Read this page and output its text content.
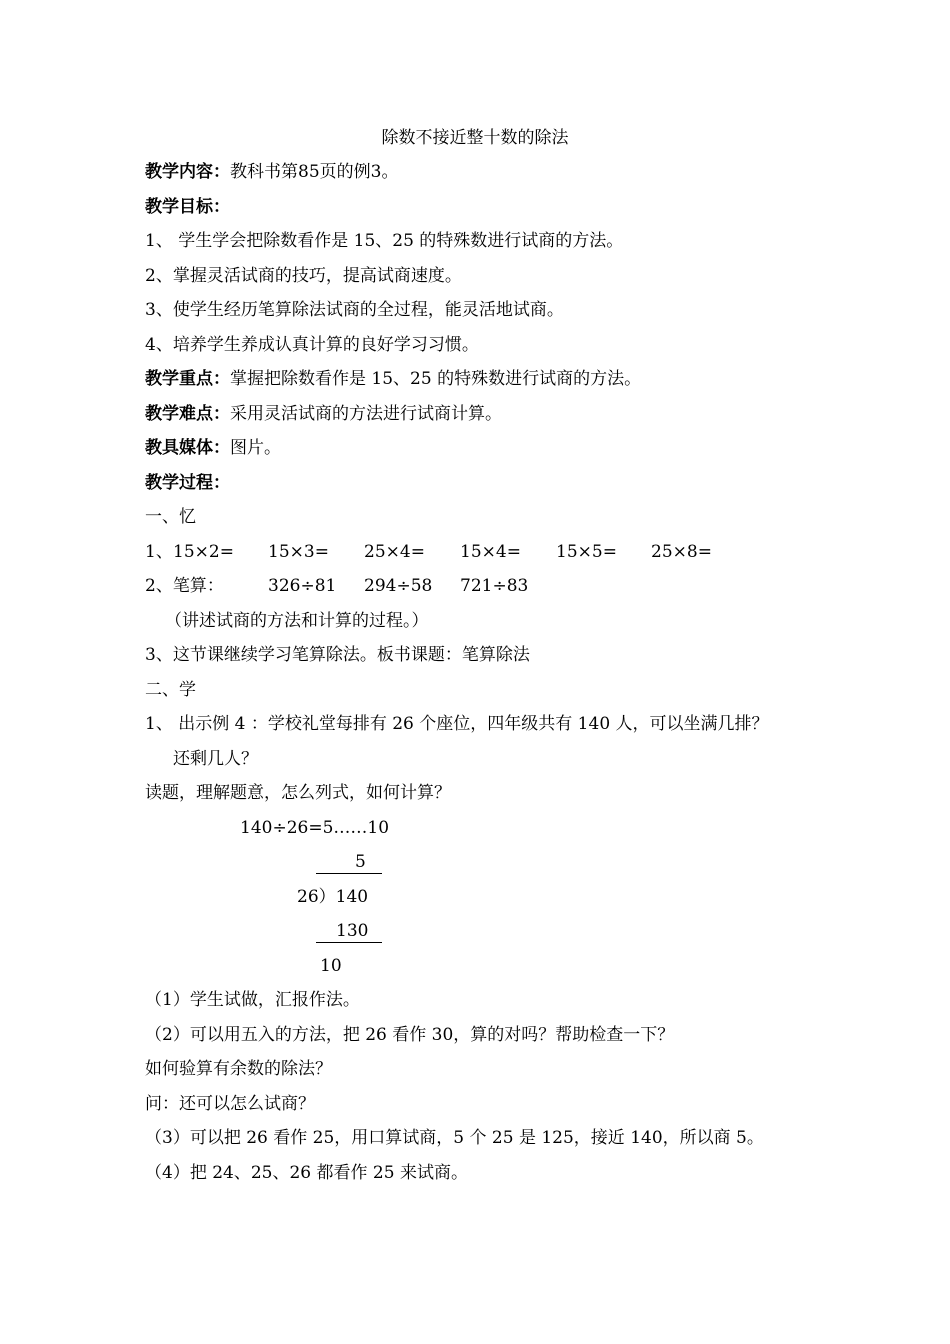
除数不接近整十数的除法
教学内容：教科书第85页的例3。
教学目标：
1、 学生学会把除数看作是 15、25 的特殊数进行试商的方法。
2、掌握灵活试商的技巧，提高试商速度。
3、使学生经历笔算除法试商的全过程，能灵活地试商。
4、培养学生养成认真计算的良好学习习惯。
教学重点：掌握把除数看作是 15、25 的特殊数进行试商的方法。
教学难点：采用灵活试商的方法进行试商计算。
教具媒体：图片。
教学过程：
一、忆
1、 15×2= 15×3= 25×4= 15×4= 15×5= 25×8=
2、笔算：	326÷81 294÷58 721÷83
（讲述试商的方法和计算的过程。）
3、这节课继续学习笔算除法。板书课题：笔算除法
二、学
1、 出示例 4 ：学校礼堂每排有 26 个座位，四年级共有 140 人，可以坐满几排？
还剩几人？
读题，理解题意，怎么列式，如何计算？
140÷26=5……10
5
26）140
130
10
（1）学生试做，汇报作法。
（2）可以用五入的方法，把 26 看作 30，算的对吗？帮助检查一下？
如何验算有余数的除法？
问：还可以怎么试商？
（3）可以把 26 看作 25，用口算试商，5 个 25 是 125，接近 140，所以商 5。
（4）把 24、25、26 都看作 25 来试商。
